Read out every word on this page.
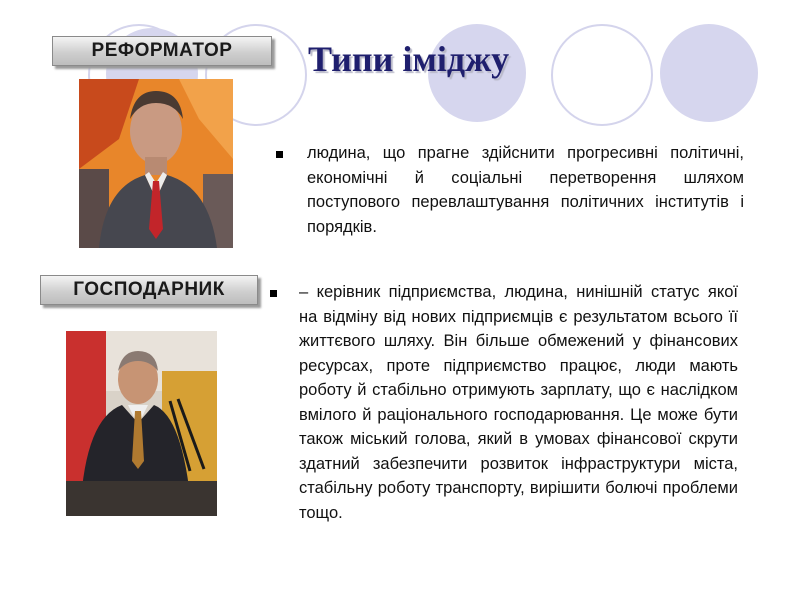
Типи іміджу
РЕФОРМАТОР

людина, що прагне здійснити прогресивні політичні, економічні й соціальні перетворення шляхом поступового перевлаштування політичних інститутів і порядків.

ГОСПОДАРНИК	– керівник підприємства, людина, нинішній статус якої на відміну від нових підприємців є результатом всього її життєвого шляху. Він більше обмежений у фінансових ресурсах, проте підприємство працює, люди мають роботу й стабільно отримують зарплату, що є наслідком вмілого й раціонального господарювання. Це може бути також міський голова, який в умовах фінансової скрути здатний забезпечити розвиток інфраструктури міста, стабільну роботу транспорту, вирішити болючі проблеми тощо.
